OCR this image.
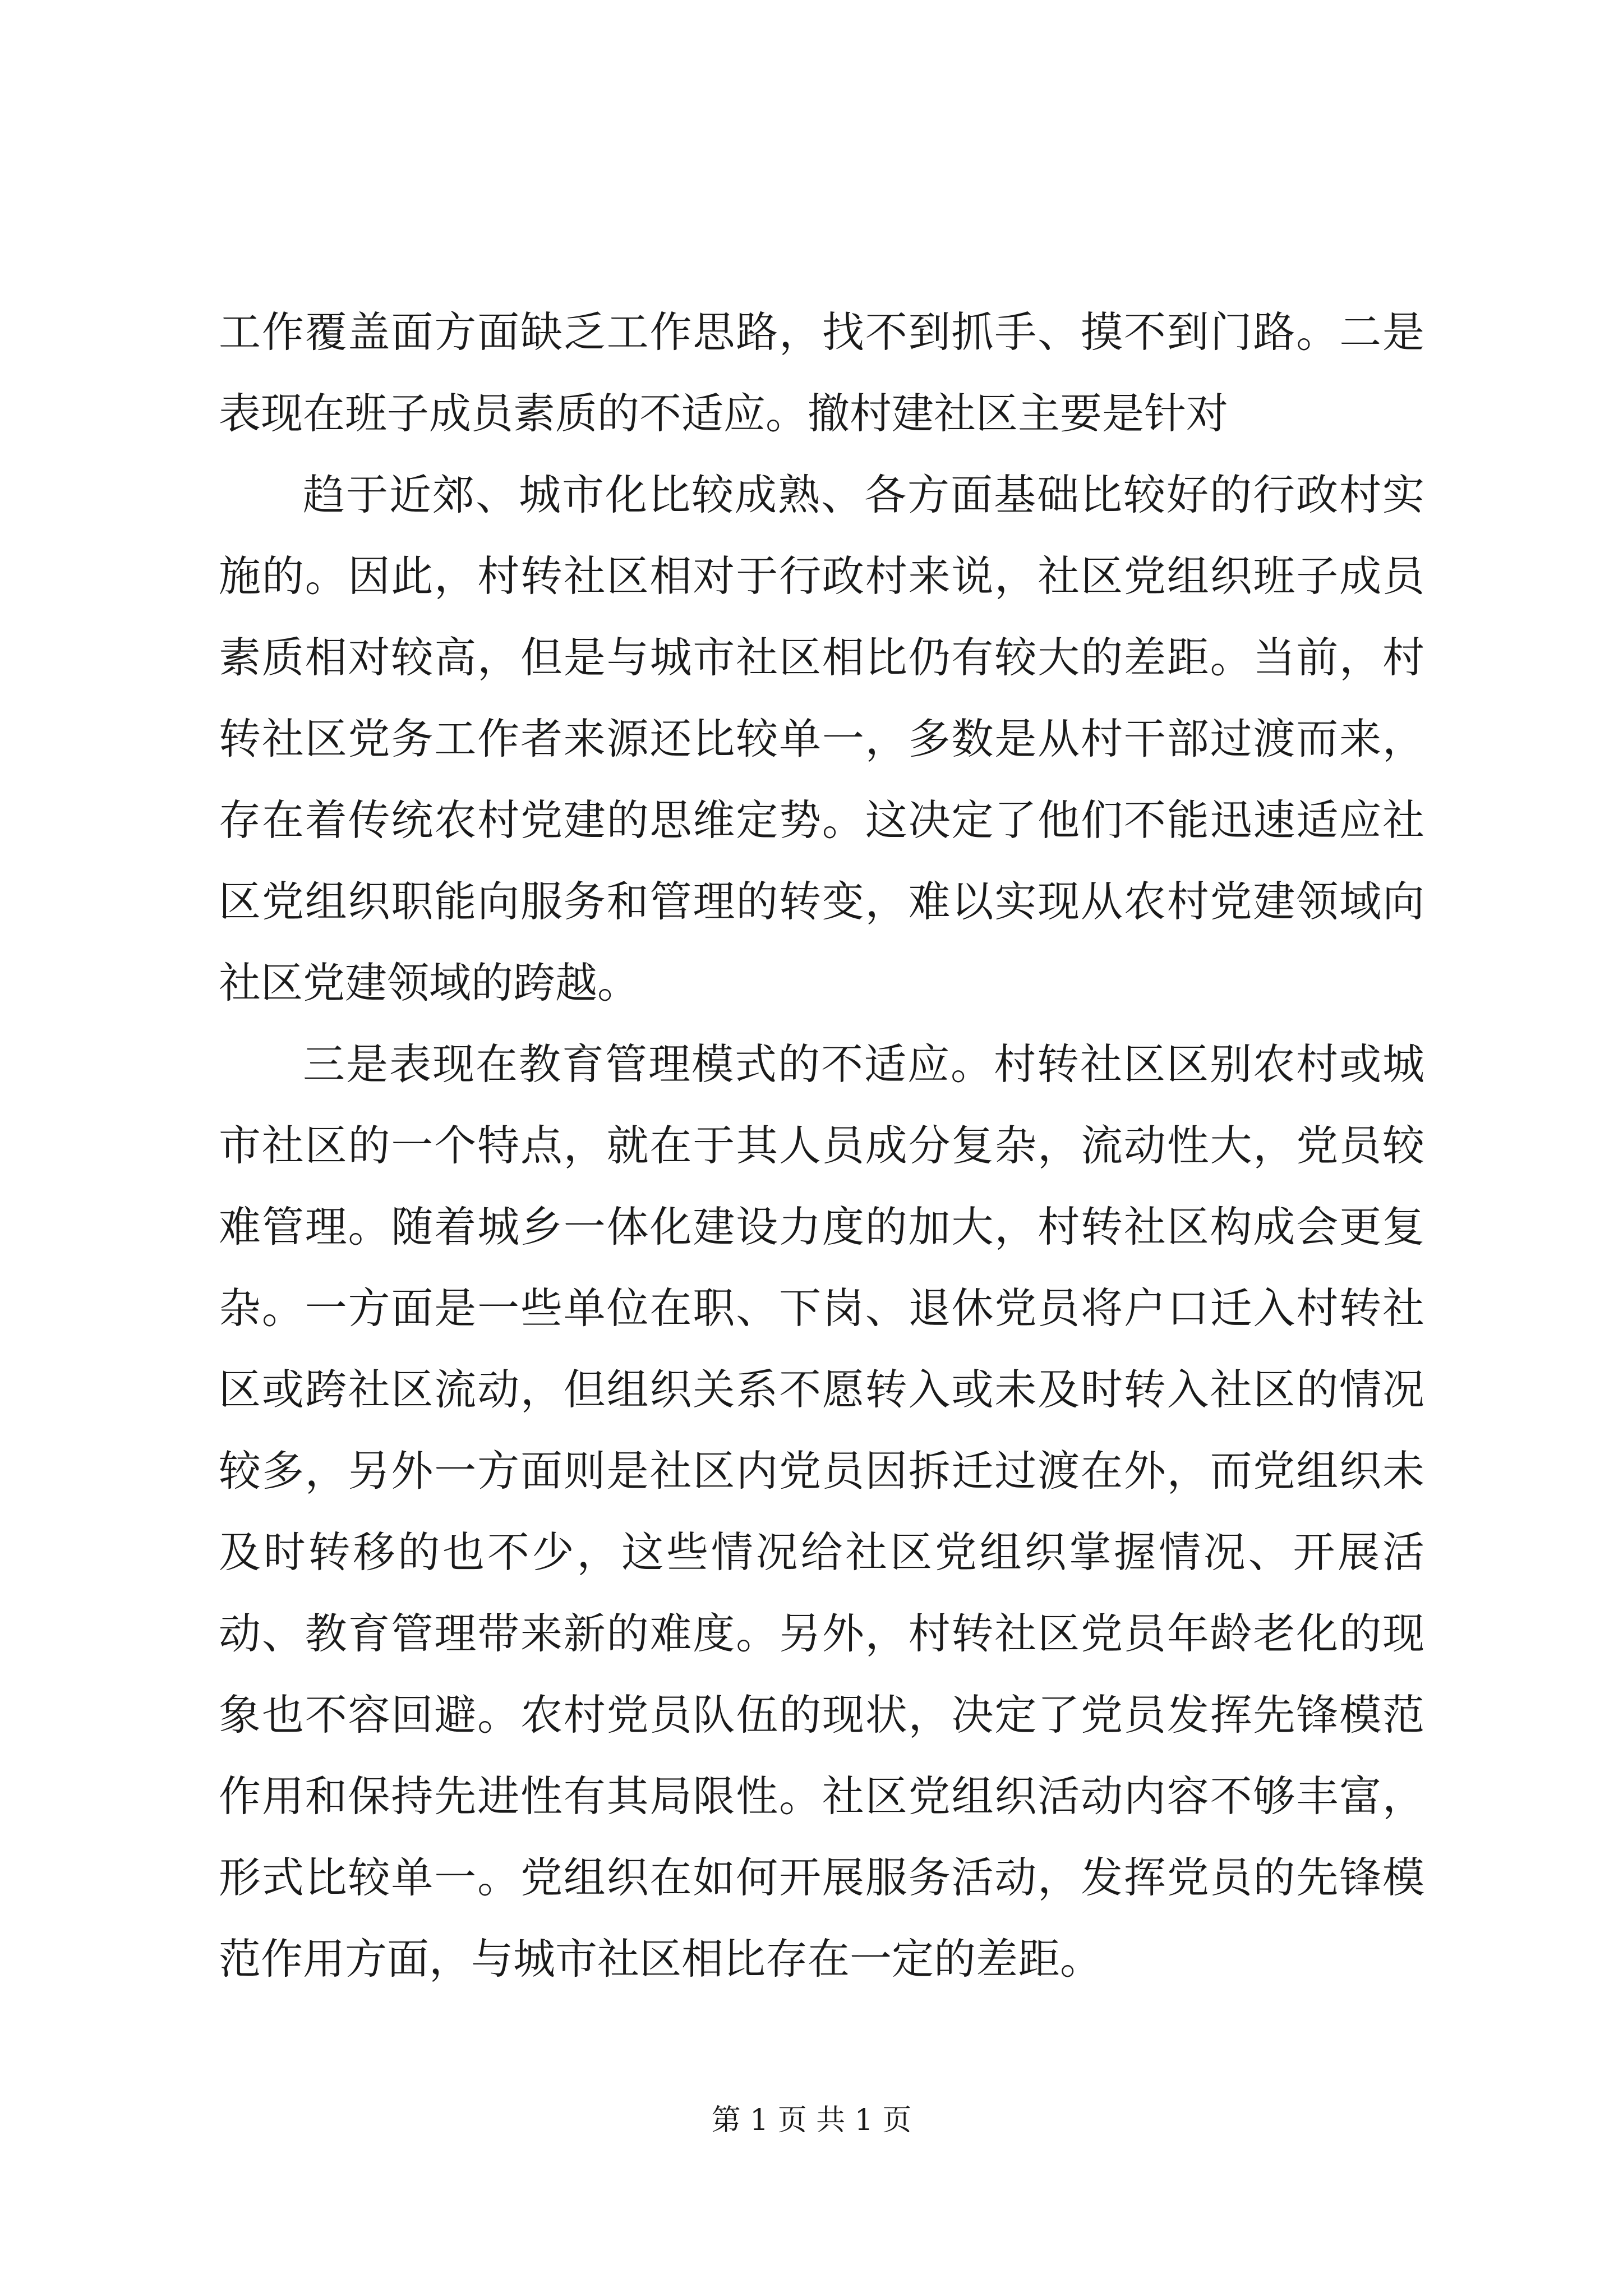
工作覆盖面方面缺乏工作思路，找不到抓手、摸不到门路。二是表现在班子成员素质的不适应。撤村建社区主要是针对

趋于近郊、城市化比较成熟、各方面基础比较好的行政村实施的。因此，村转社区相对于行政村来说，社区党组织班子成员素质相对较高，但是与城市社区相比仍有较大的差距。当前，村转社区党务工作者来源还比较单一，多数是从村干部过渡而来，存在着传统农村党建的思维定势。这决定了他们不能迅速适应社区党组织职能向服务和管理的转变，难以实现从农村党建领域向社区党建领域的跨越。

三是表现在教育管理模式的不适应。村转社区区别农村或城市社区的一个特点，就在于其人员成分复杂，流动性大，党员较难管理。随着城乡一体化建设力度的加大，村转社区构成会更复杂。一方面是一些单位在职、下岗、退休党员将户口迁入村转社区或跨社区流动，但组织关系不愿转入或未及时转入社区的情况较多，另外一方面则是社区内党员因拆迁过渡在外，而党组织未及时转移的也不少，这些情况给社区党组织掌握情况、开展活动、教育管理带来新的难度。另外，村转社区党员年龄老化的现象也不容回避。农村党员队伍的现状，决定了党员发挥先锋模范作用和保持先进性有其局限性。社区党组织活动内容不够丰富，形式比较单一。党组织在如何开展服务活动，发挥党员的先锋模范作用方面，与城市社区相比存在一定的差距。

第 1 页 共 1 页
